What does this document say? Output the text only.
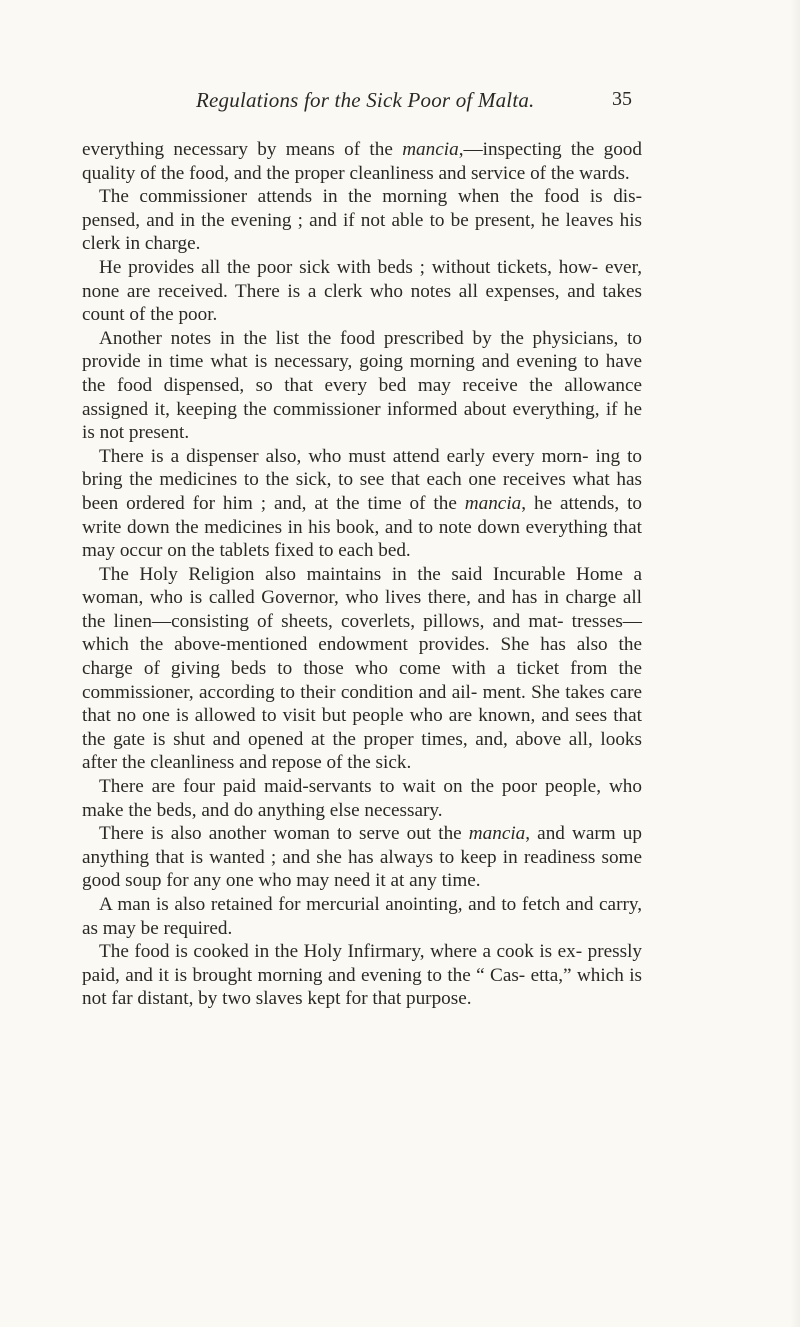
Regulations for the Sick Poor of Malta.	35

everything necessary by means of the mancia,—inspecting the good quality of the food, and the proper cleanliness and service of the wards.

The commissioner attends in the morning when the food is dis- pensed, and in the evening ; and if not able to be present, he leaves his clerk in charge.

He provides all the poor sick with beds ; without tickets, how- ever, none are received. There is a clerk who notes all expenses, and takes count of the poor.

Another notes in the list the food prescribed by the physicians, to provide in time what is necessary, going morning and evening to have the food dispensed, so that every bed may receive the allowance assigned it, keeping the commissioner informed about everything, if he is not present.

There is a dispenser also, who must attend early every morn- ing to bring the medicines to the sick, to see that each one receives what has been ordered for him ; and, at the time of the mancia, he attends, to write down the medicines in his book, and to note down everything that may occur on the tablets fixed to each bed.

The Holy Religion also maintains in the said Incurable Home a woman, who is called Governor, who lives there, and has in charge all the linen—consisting of sheets, coverlets, pillows, and mat- tresses—which the above-mentioned endowment provides. She has also the charge of giving beds to those who come with a ticket from the commissioner, according to their condition and ail- ment. She takes care that no one is allowed to visit but people who are known, and sees that the gate is shut and opened at the proper times, and, above all, looks after the cleanliness and repose of the sick.

There are four paid maid-servants to wait on the poor people, who make the beds, and do anything else necessary.

There is also another woman to serve out the mancia, and warm up anything that is wanted ; and she has always to keep in readiness some good soup for any one who may need it at any time.

A man is also retained for mercurial anointing, and to fetch and carry, as may be required.

The food is cooked in the Holy Infirmary, where a cook is ex- pressly paid, and it is brought morning and evening to the “ Cas- etta,” which is not far distant, by two slaves kept for that purpose.
